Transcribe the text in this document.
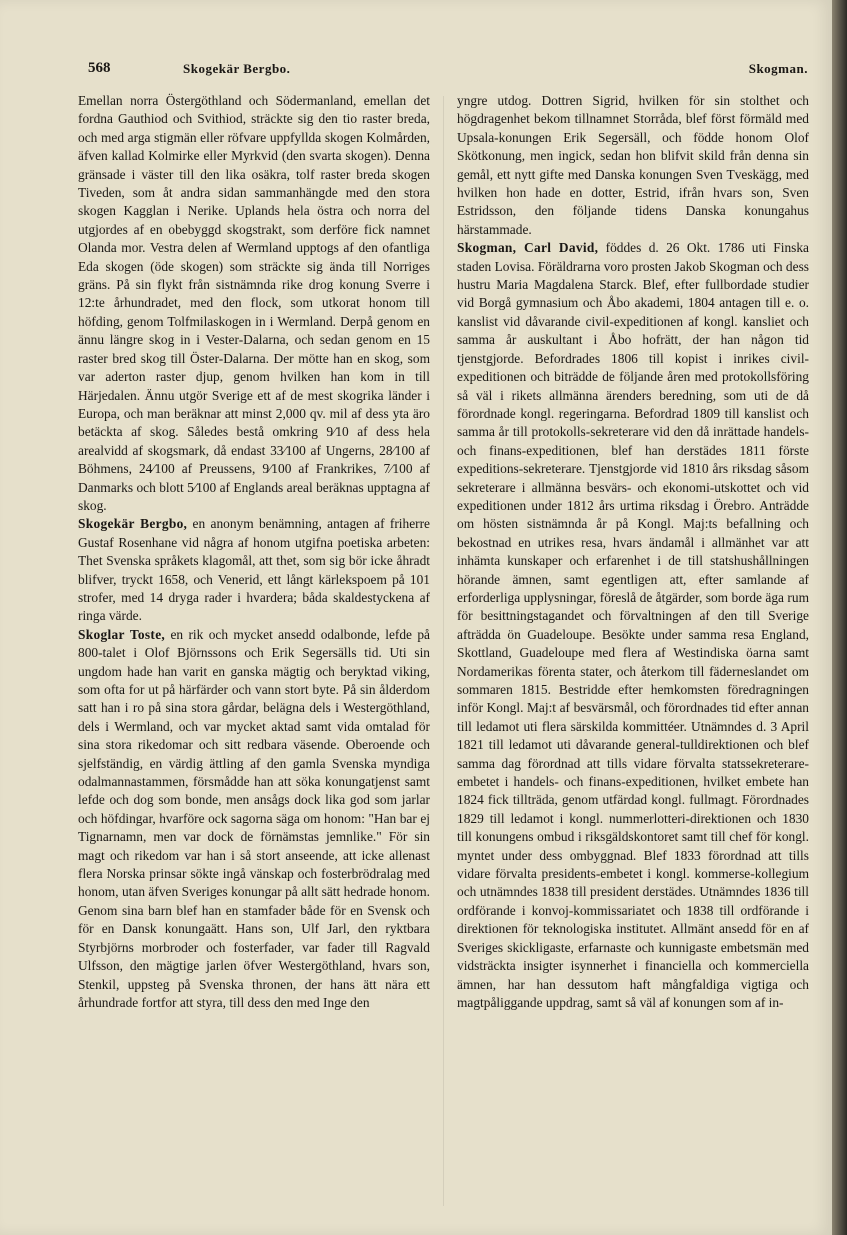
568	Skogekär Bergbo.	Skogman.

Emellan norra Östergöthland och Södermanland, emellan det fordna Gauthiod och Svithiod, sträckte sig den tio raster breda, och med arga stigmän eller röfvare uppfyllda skogen Kolmården, äfven kallad Kolmirke eller Myrkvid (den svarta skogen). Denna gränsade i väster till den lika osäkra, tolf raster breda skogen Tiveden, som åt andra sidan sammanhängde med den stora skogen Kagglan i Nerike. Uplands hela östra och norra del utgjordes af en obebyggd skogstrakt, som derföre fick namnet Olanda mor. Vestra delen af Wermland upptogs af den ofantliga Eda skogen (öde skogen) som sträckte sig ända till Norriges gräns. På sin flykt från sistnämnda rike drog konung Sverre i 12:te århundradet, med den flock, som utkorat honom till höfding, genom Tolfmilaskogen in i Wermland. Derpå genom en ännu längre skog in i Vester-Dalarna, och sedan genom en 15 raster bred skog till Öster-Dalarna. Der mötte han en skog, som var aderton raster djup, genom hvilken han kom in till Härjedalen. Ännu utgör Sverige ett af de mest skogrika länder i Europa, och man beräknar att minst 2,000 qv. mil af dess yta äro betäckta af skog. Således bestå omkring 9⁄10 af dess hela arealvidd af skogsmark, då endast 33⁄100 af Ungerns, 28⁄100 af Böhmens, 24⁄100 af Preussens, 9⁄100 af Frankrikes, 7⁄100 af Danmarks och blott 5⁄100 af Englands areal beräknas upptagna af skog.

Skogekär Bergbo, en anonym benämning, antagen af friherre Gustaf Rosenhane vid några af honom utgifna poetiska arbeten: Thet Svenska språkets klagomål, att thet, som sig bör icke åhradt blifver, tryckt 1658, och Venerid, ett långt kärlekspoem på 101 strofer, med 14 dryga rader i hvardera; båda skaldestyckena af ringa värde.

Skoglar Toste, en rik och mycket ansedd odalbonde, lefde på 800-talet i Olof Björnssons och Erik Segersälls tid. Uti sin ungdom hade han varit en ganska mägtig och beryktad viking, som ofta for ut på härfärder och vann stort byte. På sin ålderdom satt han i ro på sina stora gårdar, belägna dels i Westergöthland, dels i Wermland, och var mycket aktad samt vida omtalad för sina stora rikedomar och sitt redbara väsende. Oberoende och sjelfständig, en värdig ättling af den gamla Svenska myndiga odalmannastammen, försmådde han att söka konungatjenst samt lefde och dog som bonde, men ansågs dock lika god som jarlar och höfdingar, hvarföre ock sagorna säga om honom: "Han bar ej Tignarnamn, men var dock de förnämstas jemnlike." För sin magt och rikedom var han i så stort anseende, att icke allenast flera Norska prinsar sökte ingå vänskap och fosterbrödralag med honom, utan äfven Sveriges konungar på allt sätt hedrade honom. Genom sina barn blef han en stamfader både för en Svensk och för en Dansk konungaätt. Hans son, Ulf Jarl, den ryktbara Styrbjörns morbroder och fosterfader, var fader till Ragvald Ulfsson, den mägtige jarlen öfver Westergöthland, hvars son, Stenkil, uppsteg på Svenska thronen, der hans ätt nära ett århundrade fortfor att styra, till dess den med Inge den

yngre utdog. Dottren Sigrid, hvilken för sin stolthet och högdragenhet bekom tillnamnet Storråda, blef först förmäld med Upsala-konungen Erik Segersäll, och födde honom Olof Skötkonung, men ingick, sedan hon blifvit skild från denna sin gemål, ett nytt gifte med Danska konungen Sven Tveskägg, med hvilken hon hade en dotter, Estrid, ifrån hvars son, Sven Estridsson, den följande tidens Danska konungahus härstammade.

Skogman, Carl David, föddes d. 26 Okt. 1786 uti Finska staden Lovisa. Föräldrarna voro prosten Jakob Skogman och dess hustru Maria Magdalena Starck. Blef, efter fullbordade studier vid Borgå gymnasium och Åbo akademi, 1804 antagen till e. o. kanslist vid dåvarande civil-expeditionen af kongl. kansliet och samma år auskultant i Åbo hofrätt, der han någon tid tjenstgjorde. Befordrades 1806 till kopist i inrikes civil-expeditionen och biträdde de följande åren med protokollsföring så väl i rikets allmänna ärenders beredning, som uti de då förordnade kongl. regeringarna. Befordrad 1809 till kanslist och samma år till protokolls-sekreterare vid den då inrättade handels- och finans-expeditionen, blef han derstädes 1811 förste expeditions-sekreterare. Tjenstgjorde vid 1810 års riksdag såsom sekreterare i allmänna besvärs- och ekonomi-utskottet och vid expeditionen under 1812 års urtima riksdag i Örebro. Anträdde om hösten sistnämnda år på Kongl. Maj:ts befallning och bekostnad en utrikes resa, hvars ändamål i allmänhet var att inhämta kunskaper och erfarenhet i de till statshushållningen hörande ämnen, samt egentligen att, efter samlande af erforderliga upplysningar, föreslå de åtgärder, som borde äga rum för besittningstagandet och förvaltningen af den till Sverige afträdda ön Guadeloupe. Besökte under samma resa England, Skottland, Guadeloupe med flera af Westindiska öarna samt Nordamerikas förenta stater, och återkom till fäderneslandet om sommaren 1815. Bestridde efter hemkomsten föredragningen inför Kongl. Maj:t af besvärsmål, och förordnades tid efter annan till ledamot uti flera särskilda kommittéer. Utnämndes d. 3 April 1821 till ledamot uti dåvarande general-tulldirektionen och blef samma dag förordnad att tills vidare förvalta statssekreterare-embetet i handels- och finans-expeditionen, hvilket embete han 1824 fick tillträda, genom utfärdad kongl. fullmagt. Förordnades 1829 till ledamot i kongl. nummerlotteri-direktionen och 1830 till konungens ombud i riksgäldskontoret samt till chef för kongl. myntet under dess ombyggnad. Blef 1833 förordnad att tills vidare förvalta presidents-embetet i kongl. kommerse-kollegium och utnämndes 1838 till president derstädes. Utnämndes 1836 till ordförande i konvoj-kommissariatet och 1838 till ordförande i direktionen för teknologiska institutet. Allmänt ansedd för en af Sveriges skickligaste, erfarnaste och kunnigaste embetsmän med vidsträckta insigter isynnerhet i financiella och kommerciella ämnen, har han dessutom haft mångfaldiga vigtiga och magtpåliggande uppdrag, samt så väl af konungen som af in-
